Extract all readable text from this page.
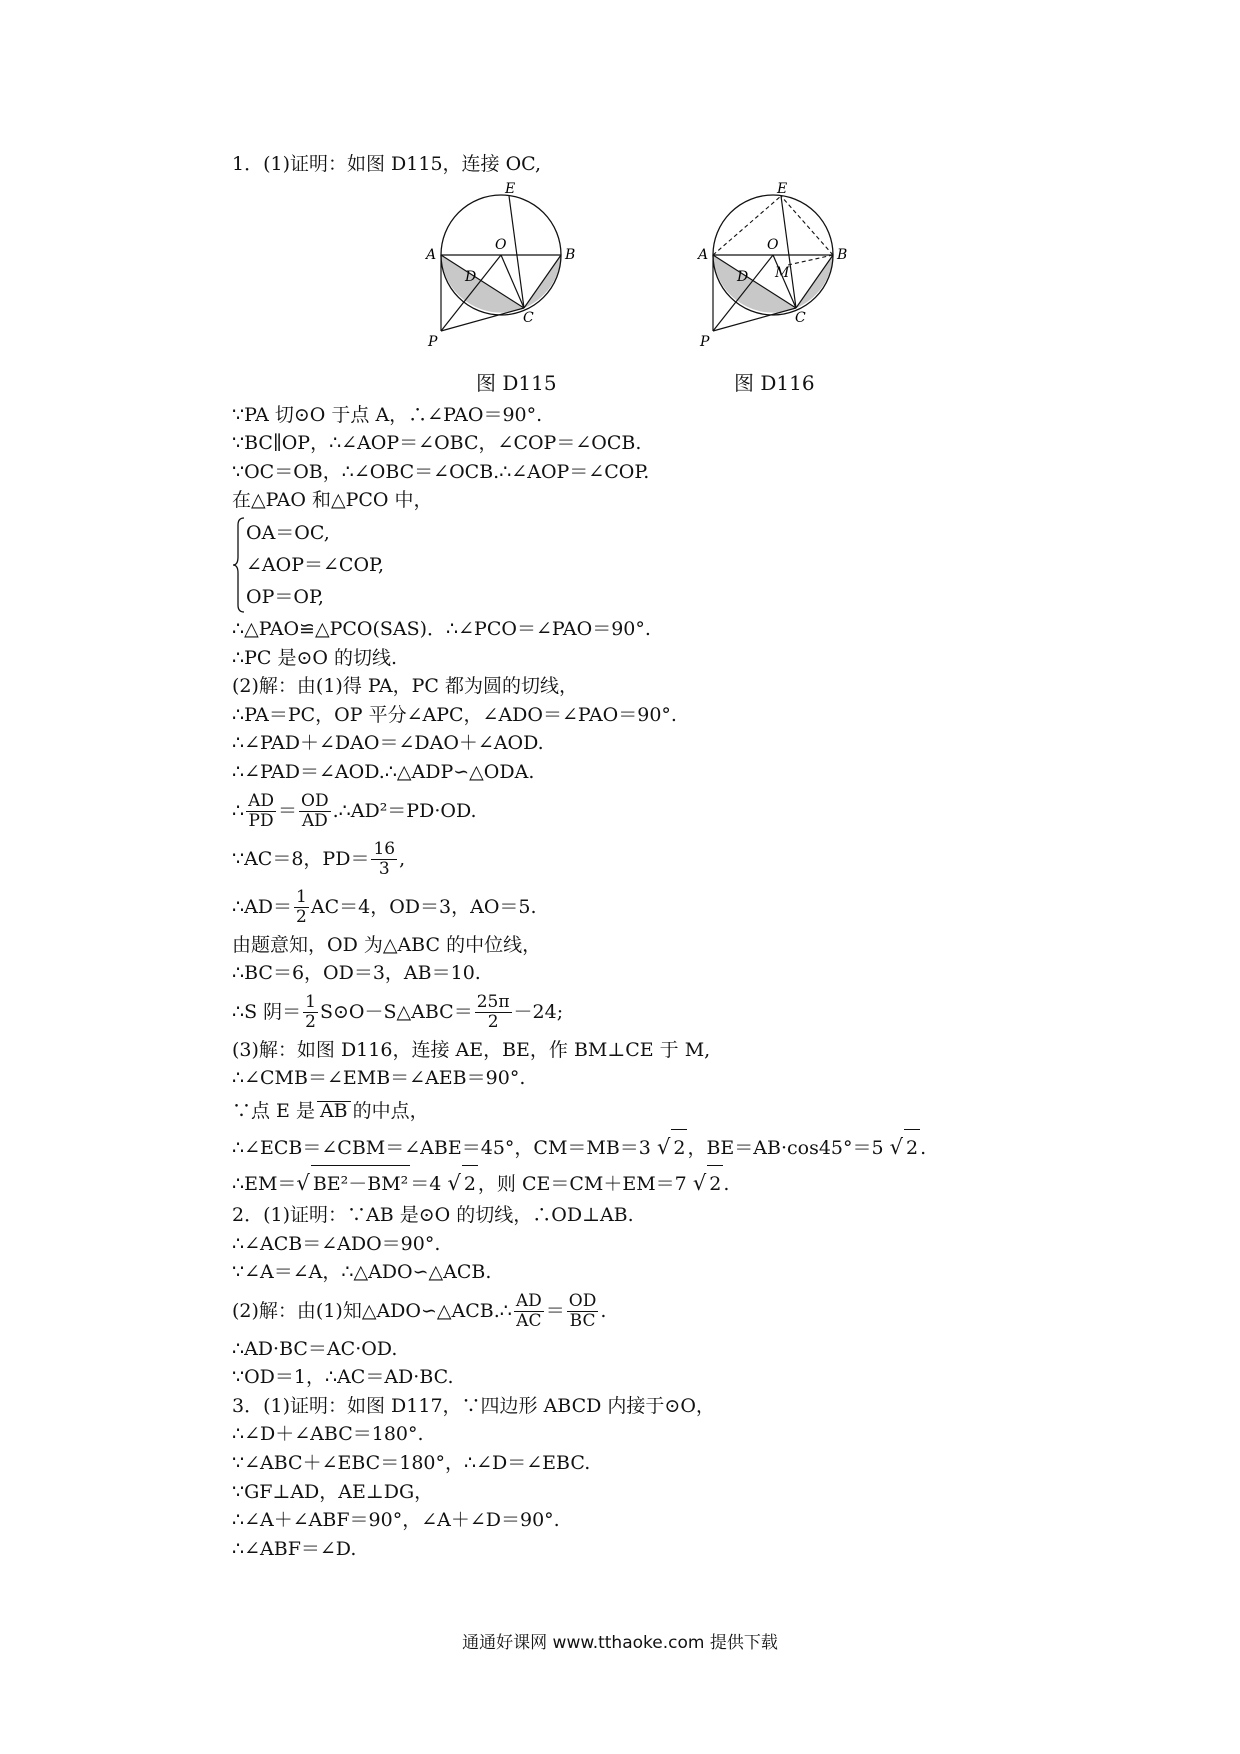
1．(1)证明：如图 D115，连接 OC,
E
A	B
O
D
C
P
图 D115
E
A	B
O
D M
C
P
图 D116
∵PA 切⊙O 于点 A，∴∠PAO＝90°.
∵BC∥OP，∴∠AOP＝∠OBC，∠COP＝∠OCB.
∵OC＝OB，∴∠OBC＝∠OCB.∴∠AOP＝∠COP.
在△PAO 和△PCO 中，
OA＝OC,
∠AOP＝∠COP,
OP＝OP,
∴△PAO≌△PCO(SAS)．∴∠PCO＝∠PAO＝90°.
∴PC 是⊙O 的切线.
(2)解：由(1)得 PA，PC 都为圆的切线，
∴PA＝PC，OP 平分∠APC，∠ADO＝∠PAO＝90°.
∴∠PAD＋∠DAO＝∠DAO＋∠AOD.
∴∠PAD＝∠AOD.∴△ADP∽△ODA.
∴ $\frac{AD}{PD} = \frac{OD}{AD}$ .∴AD²＝PD·OD.
∵AC＝8，$PD= \frac{16}{3}$ ,
∴AD＝ $\frac{1}{2} AC=4$，OD＝3，AO＝5.
由题意知，OD 为△ABC 的中位线，
∴BC＝6，OD＝3，AB＝10.
∴S 阴＝ $\frac{1}{2}$ S⊙O－S△ABC＝ $\frac{25\pi}{2} -24$;
(3)解：如图 D116，连接 AE，BE，作 BM⊥CE 于 M,
∴∠CMB＝∠EMB＝∠AEB＝90°.
∵点 E 是 AB 的中点，
∴∠ECB＝∠CBM＝∠ABE＝45°，CM＝MB＝3 √ 2 ，BE＝AB·cos45°＝5 √ 2 .
∴EM＝√ BE²－BM² ＝4 √ 2 ，则 CE＝CM＋EM＝7 √ 2 .
2．(1)证明：∵AB 是⊙O 的切线，∴OD⊥AB.
∴∠ACB＝∠ADO＝90°.
∵∠A＝∠A，∴△ADO∽△ACB.
(2)解：由(1)知△ADO∽△ACB.∴ $\frac{AD}{AC} = \frac{OD}{BC}$ .
∴AD·BC＝AC·OD.
∵OD＝1，∴AC＝AD·BC.
3．(1)证明：如图 D117，∵四边形 ABCD 内接于⊙O，
∴∠D＋∠ABC＝180°.
∵∠ABC＋∠EBC＝180°，∴∠D＝∠EBC.
∵GF⊥AD，AE⊥DG，
∴∠A＋∠ABF＝90°，∠A＋∠D＝90°.
∴∠ABF＝∠D.
通通好课网 www.tthaoke.com 提供下载
